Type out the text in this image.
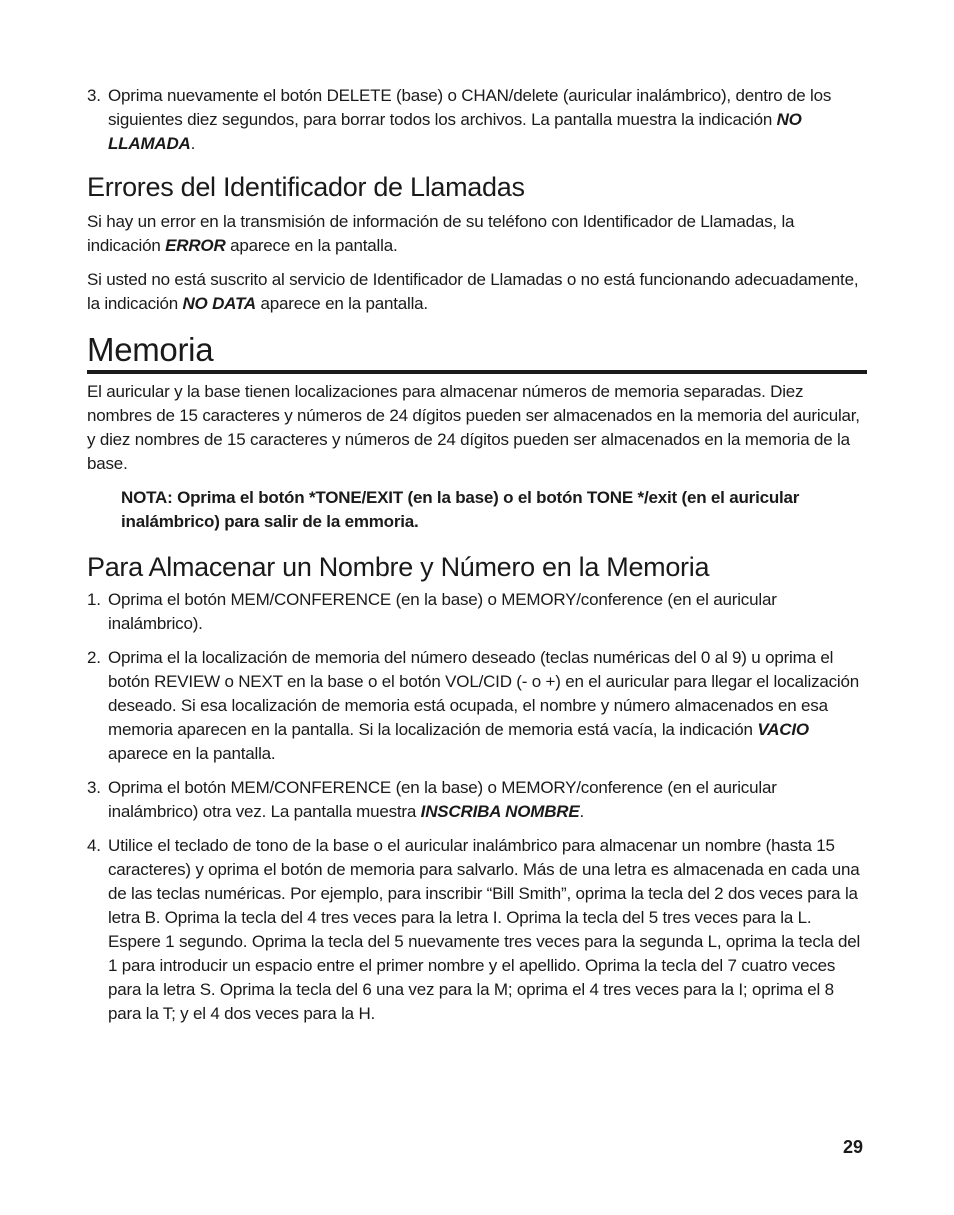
3. Oprima nuevamente el botón DELETE (base) o CHAN/delete (auricular inalámbrico), dentro de los siguientes diez segundos, para borrar todos los archivos. La pantalla muestra la indicación NO LLAMADA.

Errores del Identificador de Llamadas

Si hay un error en la transmisión de información de su teléfono con Identificador de Llamadas, la indicación ERROR aparece en la pantalla.

Si usted no está suscrito al servicio de Identificador de Llamadas o no está funcionando adecuadamente, la indicación NO DATA aparece en la pantalla.

Memoria

El auricular y la base tienen localizaciones para almacenar números de memoria separadas. Diez nombres de 15 caracteres y números de 24 dígitos pueden ser almacenados en la memoria del auricular, y diez nombres de 15 caracteres y números de 24 dígitos pueden ser almacenados en la memoria de la base.

NOTA: Oprima el botón *TONE/EXIT (en la base) o el botón TONE */exit (en el auricular inalámbrico) para salir de la emmoria.

Para Almacenar un Nombre y Número en la Memoria
1. Oprima el botón MEM/CONFERENCE (en la base) o MEMORY/conference (en el auricular inalámbrico).

2. Oprima el la localización de memoria del número deseado (teclas numéricas del 0 al 9) u oprima el botón REVIEW o NEXT en la base o el botón VOL/CID (- o +) en el auricular para llegar el localización deseado. Si esa localización de memoria está ocupada, el nombre y número almacenados en esa memoria aparecen en la pantalla. Si la localización de memoria está vacía, la indicación VACIO aparece en la pantalla.

3. Oprima el botón MEM/CONFERENCE (en la base) o MEMORY/conference (en el auricular inalámbrico) otra vez. La pantalla muestra INSCRIBA NOMBRE.

4. Utilice el teclado de tono de la base o el auricular inalámbrico para almacenar un nombre (hasta 15 caracteres) y oprima el botón de memoria para salvarlo. Más de una letra es almacenada en cada una de las teclas numéricas. Por ejemplo, para inscribir “Bill Smith”, oprima la tecla del 2 dos veces para la letra B. Oprima la tecla del 4 tres veces para la letra I. Oprima la tecla del 5 tres veces para la L. Espere 1 segundo. Oprima la tecla del 5 nuevamente tres veces para la segunda L, oprima la tecla del 1 para introducir un espacio entre el primer nombre y el apellido. Oprima la tecla del 7 cuatro veces para la letra S. Oprima la tecla del 6 una vez para la M; oprima el 4 tres veces para la I; oprima el 8 para la T; y el 4 dos veces para la H.

29
